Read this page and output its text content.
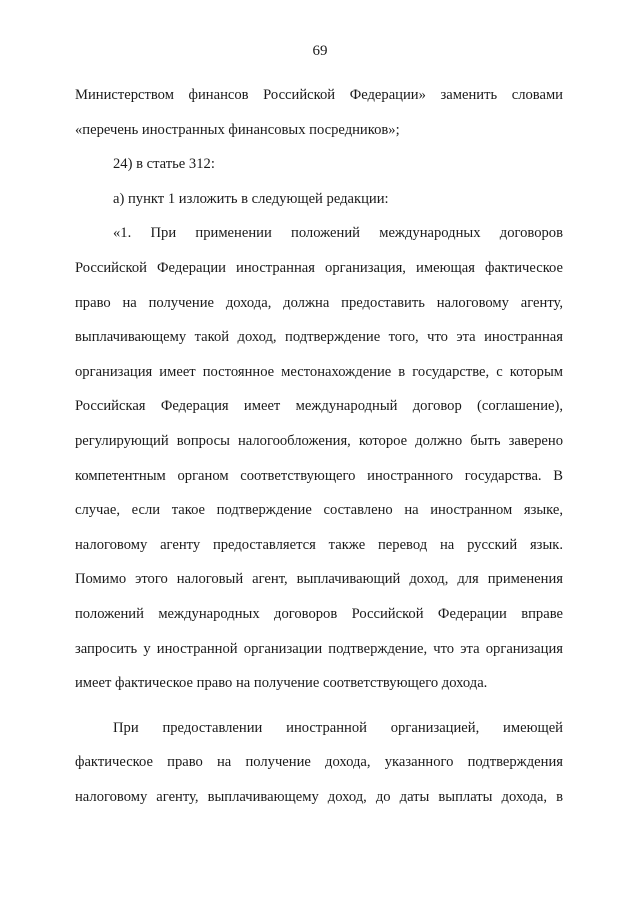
69

Министерством финансов Российской Федерации» заменить словами

«перечень иностранных финансовых посредников»;

24) в статье 312:

а) пункт 1 изложить в следующей редакции:

«1. При применении положений международных договоров

Российской Федерации иностранная организация, имеющая фактическое

право на получение дохода, должна предоставить налоговому агенту,

выплачивающему такой доход, подтверждение того, что эта иностранная

организация имеет постоянное местонахождение в государстве, с которым

Российская Федерация имеет международный договор (соглашение),

регулирующий вопросы налогообложения, которое должно быть заверено

компетентным органом соответствующего иностранного государства. В

случае, если такое подтверждение составлено на иностранном языке,

налоговому агенту предоставляется также перевод на русский язык.

Помимо этого налоговый агент, выплачивающий доход, для применения

положений международных договоров Российской Федерации вправе

запросить у иностранной организации подтверждение, что эта организация

имеет фактическое право на получение соответствующего дохода.

При предоставлении иностранной организацией, имеющей

фактическое право на получение дохода, указанного подтверждения

налоговому агенту, выплачивающему доход, до даты выплаты дохода, в
